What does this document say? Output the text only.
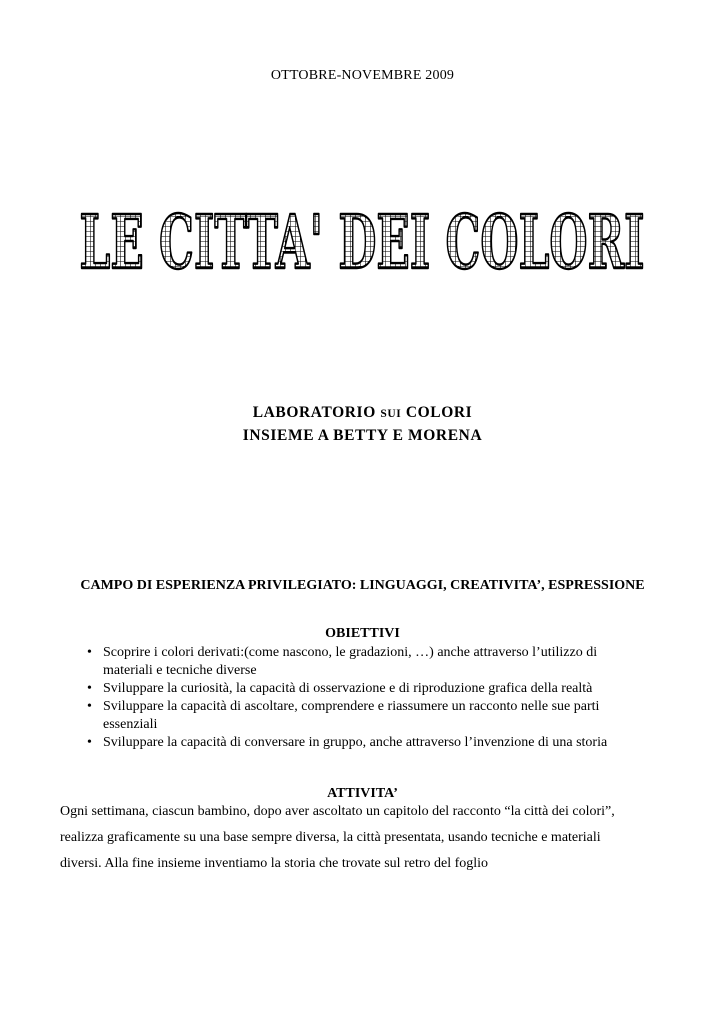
OTTOBRE-NOVEMBRE 2009
LE CITTA' DEI COLORI
LABORATORIO SUI COLORI
INSIEME A BETTY E MORENA
CAMPO DI ESPERIENZA PRIVILEGIATO: LINGUAGGI, CREATIVITA’, ESPRESSIONE
OBIETTIVI
• Scoprire i colori derivati:(come nascono, le gradazioni, …) anche attraverso l’utilizzo di materiali e tecniche diverse
• Sviluppare la curiosità, la capacità di osservazione e di riproduzione grafica della realtà
• Sviluppare la capacità di ascoltare, comprendere e riassumere un racconto nelle sue parti essenziali
• Sviluppare la capacità di conversare in gruppo, anche attraverso l’invenzione di una storia
ATTIVITA’
Ogni settimana, ciascun bambino, dopo aver ascoltato un capitolo del racconto “la città dei colori”,
realizza graficamente su una base sempre diversa, la città presentata, usando tecniche e materiali
diversi. Alla fine insieme inventiamo la storia che trovate sul retro del foglio
